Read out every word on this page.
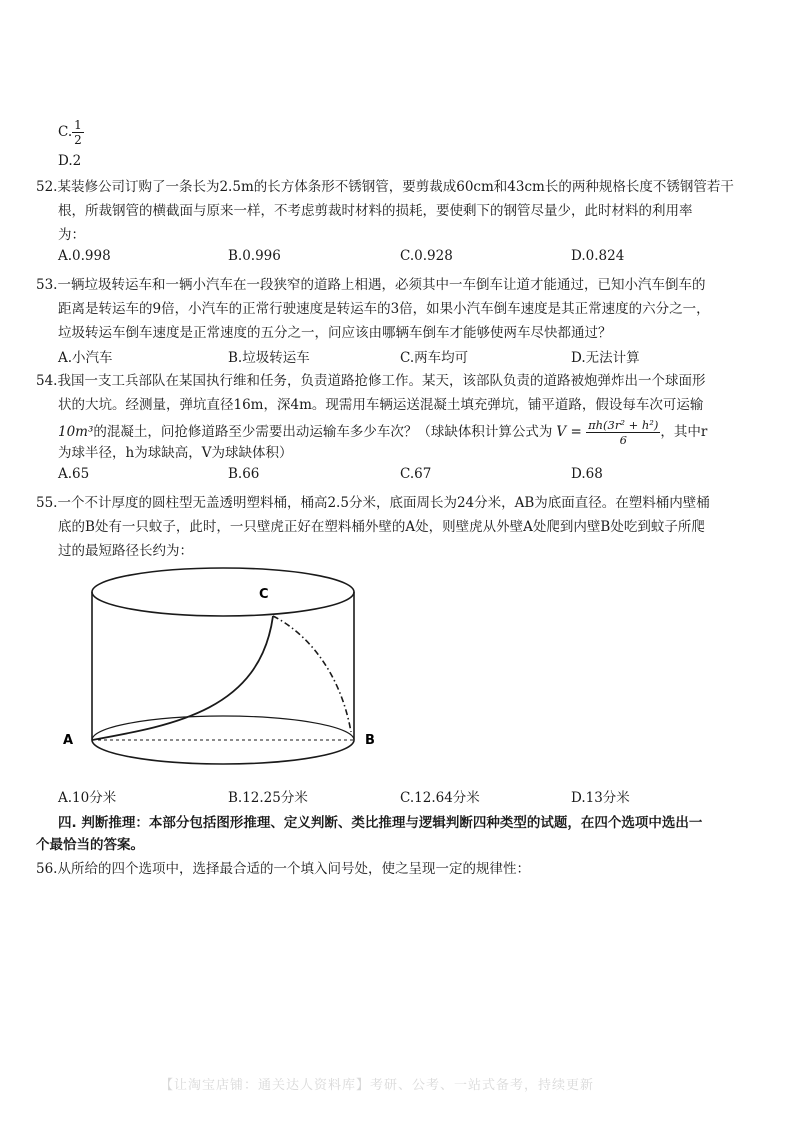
C. $\frac{1}{2}$
D.2
52.某装修公司订购了一条长为2.5m的长方体条形不锈钢管，要剪裁成60cm和43cm长的两种规格长度不锈钢管若干
根，所裁钢管的横截面与原来一样，不考虑剪裁时材料的损耗，要使剩下的钢管尽量少，此时材料的利用率
为：
A.0.998	B.0.996	C.0.928	D.0.824
53.一辆垃圾转运车和一辆小汽车在一段狭窄的道路上相遇，必须其中一车倒车让道才能通过，已知小汽车倒车的
距离是转运车的9倍，小汽车的正常行驶速度是转运车的3倍，如果小汽车倒车速度是其正常速度的六分之一，
垃圾转运车倒车速度是正常速度的五分之一，问应该由哪辆车倒车才能够使两车尽快都通过？
A.小汽车	B.垃圾转运车	C.两车均可	D.无法计算
54.我国一支工兵部队在某国执行维和任务，负责道路抢修工作。某天，该部队负责的道路被炮弹炸出一个球面形
状的大坑。经测量，弹坑直径16m，深4m。现需用车辆运送混凝土填充弹坑，铺平道路，假设每车次可运输
10m³的混凝土，问抢修道路至少需要出动运输车多少车次？（球缺体积计算公式为 $V = \frac{\text{πh(3r² + h²)}}{6}$ ，其中r
为球半径，h为球缺高，V为球缺体积）
A.65	B.66	C.67	D.68
55.一个不计厚度的圆柱型无盖透明塑料桶，桶高2.5分米，底面周长为24分米，AB为底面直径。在塑料桶内壁桶
底的B处有一只蚊子，此时，一只壁虎正好在塑料桶外壁的A处，则壁虎从外壁A处爬到内壁B处吃到蚊子所爬
过的最短路径长约为：
A	B
C
A.10分米	B.12.25分米	C.12.64分米	D.13分米
四. 判断推理：本部分包括图形推理、定义判断、类比推理与逻辑判断四种类型的试题，在四个选项中选出一
个最恰当的答案。
56.从所给的四个选项中，选择最合适的一个填入问号处，使之呈现一定的规律性：
【让淘宝店铺：通关达人资料库】考研、公考、一站式备考，持续更新
